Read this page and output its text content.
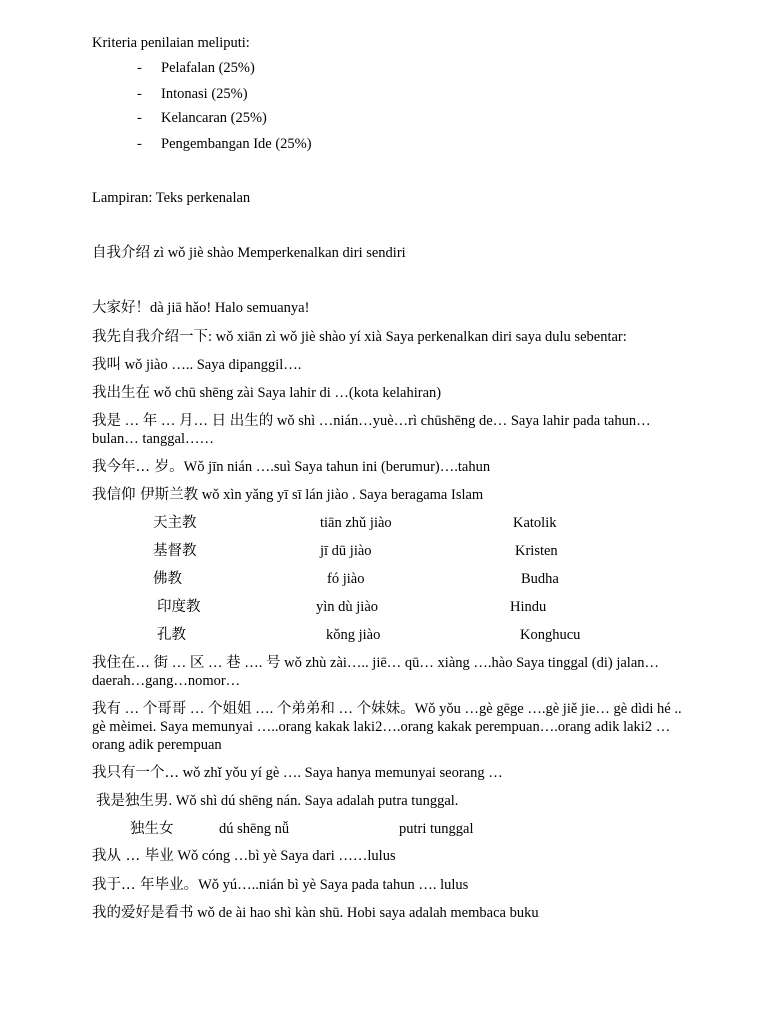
Kriteria penilaian meliputi:
- Pelafalan (25%)
- Intonasi (25%)
- Kelancaran (25%)
- Pengembangan Ide (25%)
Lampiran: Teks perkenalan
自我介绍 zì wǒ jiè shào Memperkenalkan diri sendiri
大家好！dà jiā hǎo! Halo semuanya!
我先自我介绍一下: wǒ xiān zì wǒ jiè shào yí xià Saya perkenalkan diri saya dulu sebentar:
我叫 wǒ jiào ….. Saya dipanggil….
我出生在 wǒ chū shēng zài Saya lahir di …(kota kelahiran)
我是 … 年 … 月… 日 出生的 wǒ shì …nián…yuè…rì chūshēng de… Saya lahir pada tahun… bulan… tanggal……
我今年… 岁。Wǒ jīn nián ….suì Saya tahun ini (berumur)….tahun
我信仰 伊斯兰教 wǒ xìn yǎng yī sī lán jiào . Saya beragama Islam
天主教	tiān zhǔ jiào	Katolik
基督教	jī dū jiào	Kristen
佛教	fó jiào	Budha
印度教	yìn dù jiào	Hindu
孔教	kǒng jiào	Konghucu
我住在… 街 … 区 … 巷 …. 号 wǒ zhù zài….. jiē… qū… xiàng ….hào Saya tinggal (di) jalan…daerah…gang…nomor…
我有 … 个哥哥 … 个姐姐 …. 个弟弟和 … 个妹妹。Wǒ yǒu …gè gēge ….gè jiě jie… gè dìdi hé .. gè mèimei. Saya memunyai …..orang kakak laki2….orang kakak perempuan….orang adik laki2 …orang adik perempuan
我只有一个… wǒ zhǐ yǒu yí gè …. Saya hanya memunyai seorang …
我是独生男. Wǒ shì dú shēng nán. Saya adalah putra tunggal.
独生女	dú shēng nǚ	putri tunggal
我从 … 毕业 Wǒ cóng …bì yè Saya dari ……lulus
我于… 年毕业。Wǒ yú…..nián bì yè Saya pada tahun …. lulus
我的爱好是看书 wǒ de ài hao shì kàn shū. Hobi saya adalah membaca buku
